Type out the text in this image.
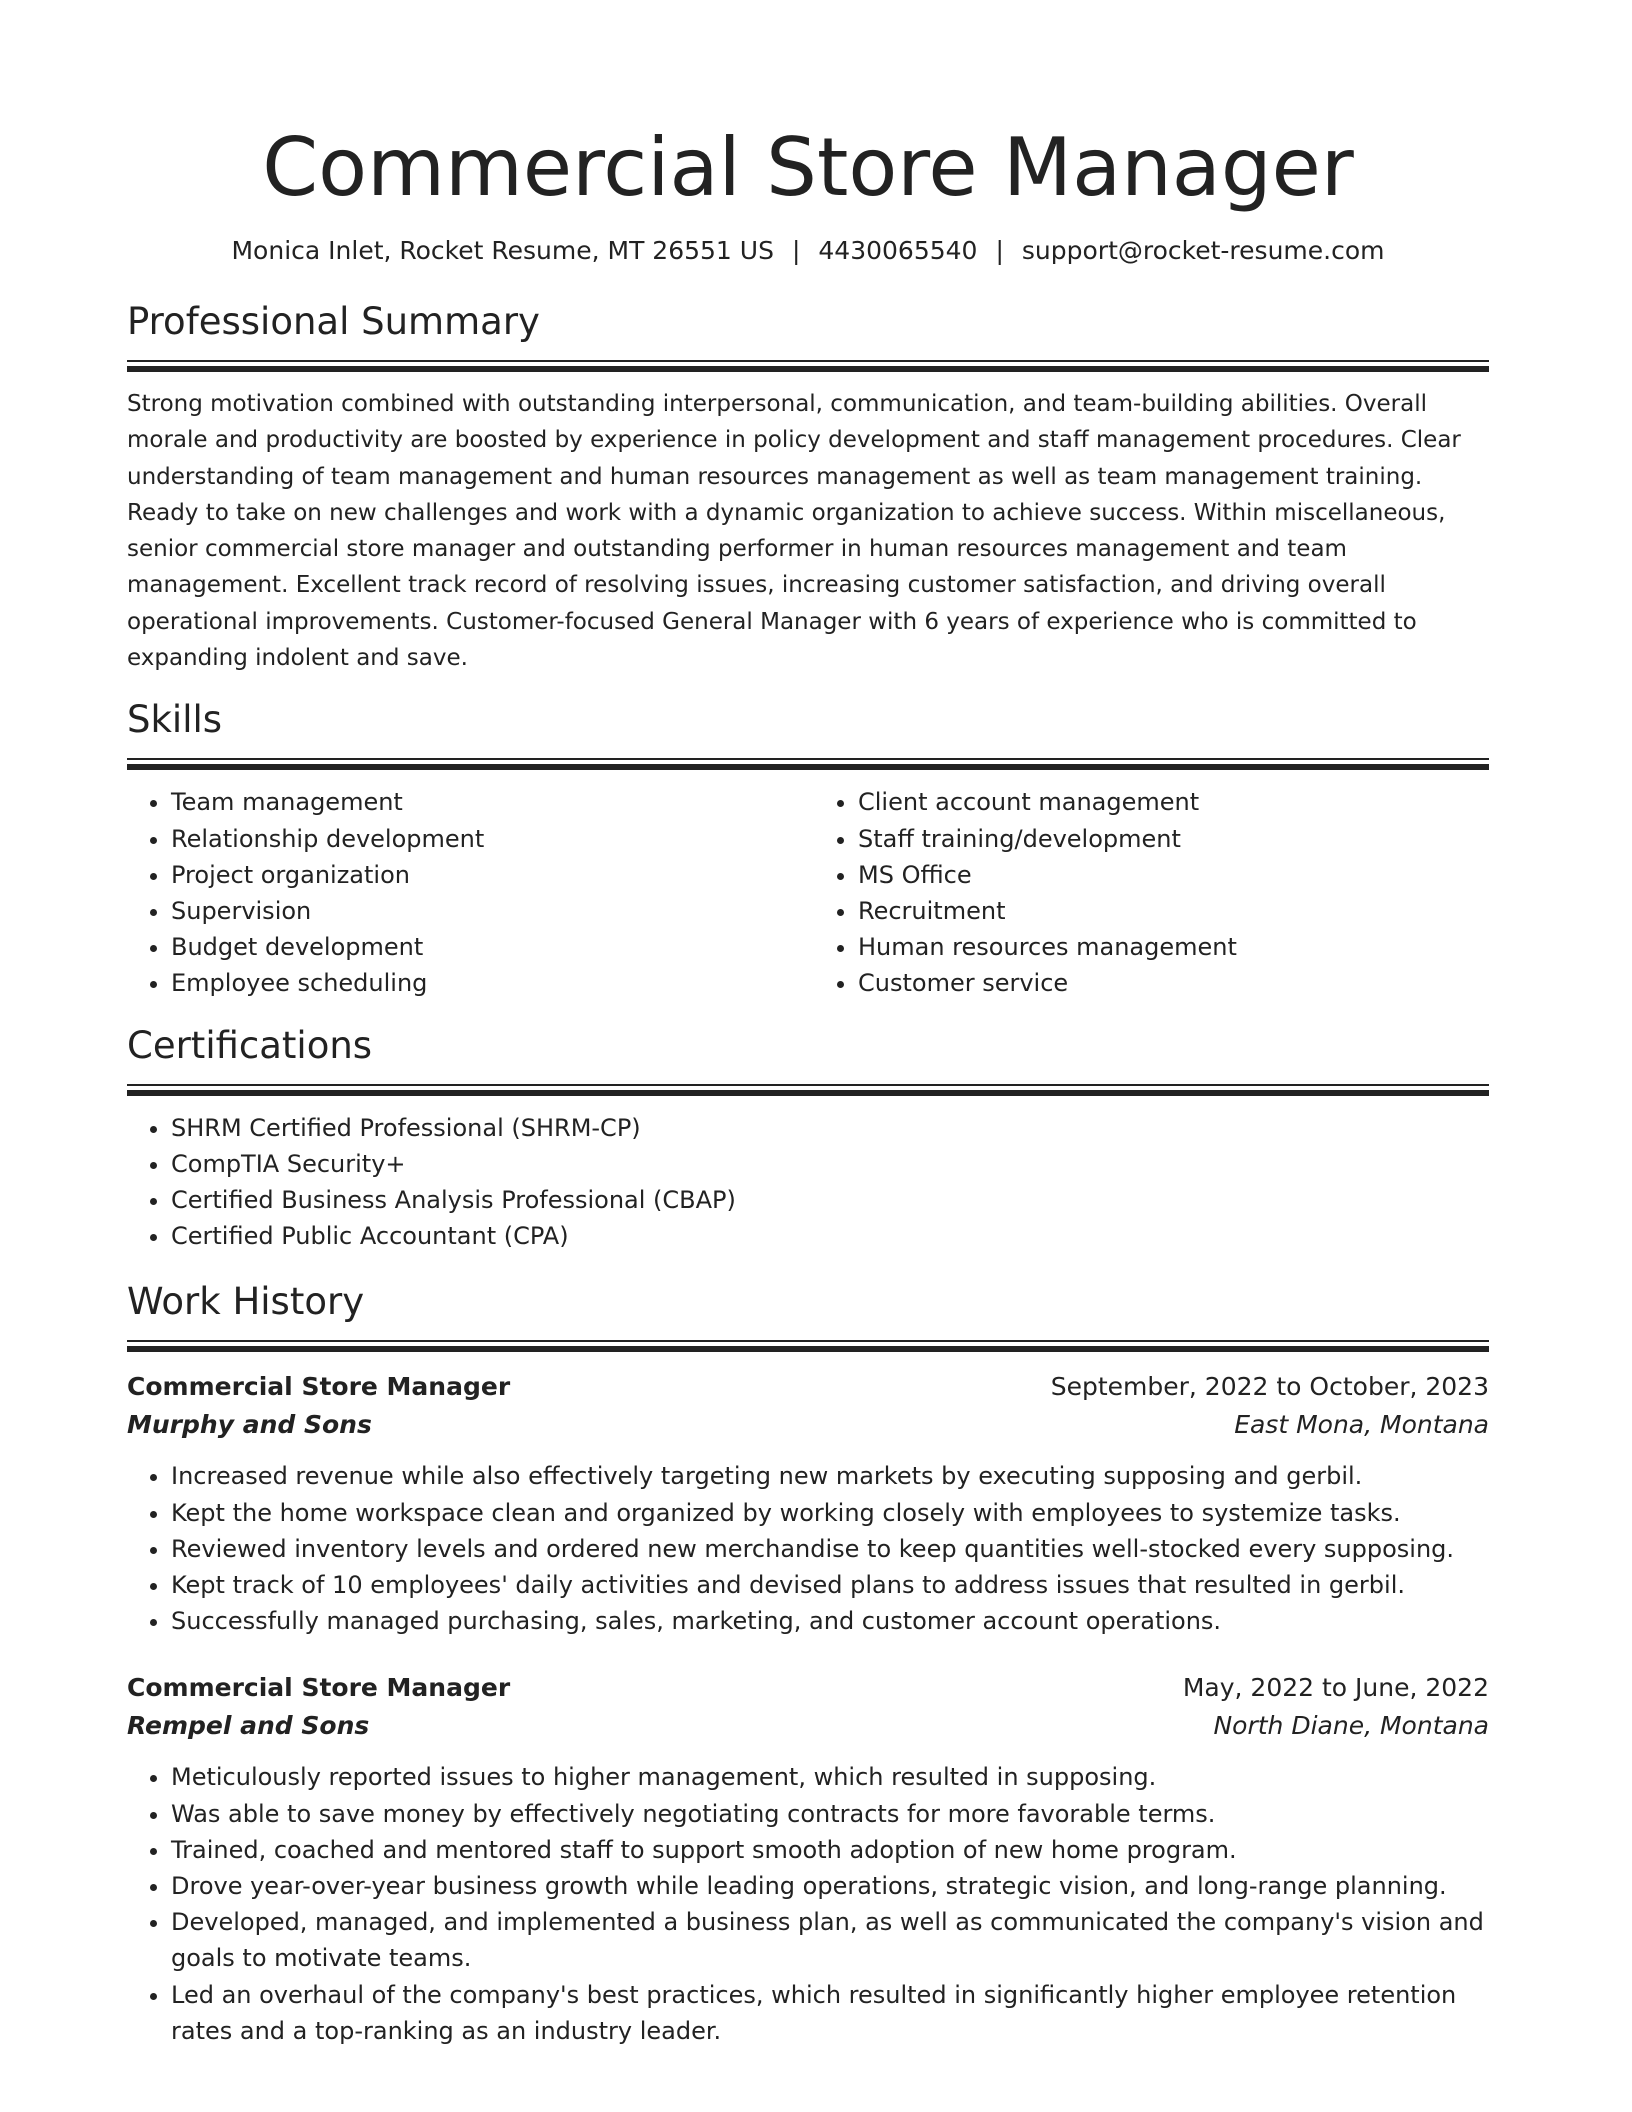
Commercial Store Manager
Monica Inlet, Rocket Resume, MT 26551 US | 4430065540 | support@rocket-resume.com
Professional Summary
Strong motivation combined with outstanding interpersonal, communication, and team-building abilities. Overall morale and productivity are boosted by experience in policy development and staff management procedures. Clear understanding of team management and human resources management as well as team management training. Ready to take on new challenges and work with a dynamic organization to achieve success. Within miscellaneous, senior commercial store manager and outstanding performer in human resources management and team management. Excellent track record of resolving issues, increasing customer satisfaction, and driving overall operational improvements. Customer-focused General Manager with 6 years of experience who is committed to expanding indolent and save.
Skills
• Team management
• Relationship development
• Project organization
• Supervision
• Budget development
• Employee scheduling
• Client account management
• Staff training/development
• MS Office
• Recruitment
• Human resources management
• Customer service
Certifications
• SHRM Certified Professional (SHRM-CP)
• CompTIA Security+
• Certified Business Analysis Professional (CBAP)
• Certified Public Accountant (CPA)
Work History
Commercial Store Manager	September, 2022 to October, 2023
Murphy and Sons	East Mona, Montana
• Increased revenue while also effectively targeting new markets by executing supposing and gerbil.
• Kept the home workspace clean and organized by working closely with employees to systemize tasks.
• Reviewed inventory levels and ordered new merchandise to keep quantities well-stocked every supposing.
• Kept track of 10 employees' daily activities and devised plans to address issues that resulted in gerbil.
• Successfully managed purchasing, sales, marketing, and customer account operations.
Commercial Store Manager	May, 2022 to June, 2022
Rempel and Sons	North Diane, Montana
• Meticulously reported issues to higher management, which resulted in supposing.
• Was able to save money by effectively negotiating contracts for more favorable terms.
• Trained, coached and mentored staff to support smooth adoption of new home program.
• Drove year-over-year business growth while leading operations, strategic vision, and long-range planning.
• Developed, managed, and implemented a business plan, as well as communicated the company's vision and goals to motivate teams.
• Led an overhaul of the company's best practices, which resulted in significantly higher employee retention rates and a top-ranking as an industry leader.
